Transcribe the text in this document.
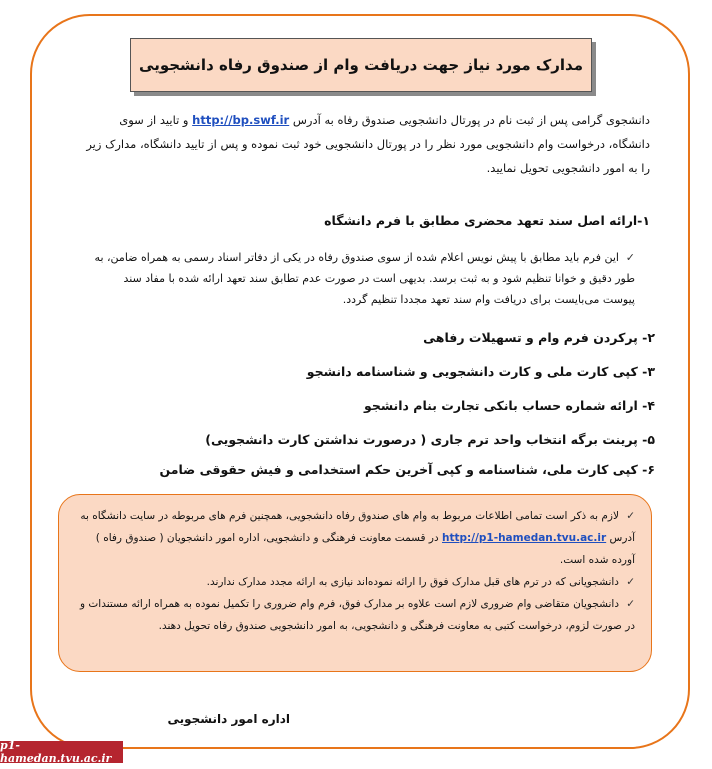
مدارک مورد نیاز جهت دریافت وام از صندوق رفاه دانشجویی
دانشجوی گرامی پس از ثبت نام در پورتال دانشجویی صندوق رفاه به آدرس http://bp.swf.ir و تایید از سوی دانشگاه، درخواست وام دانشجویی مورد نظر را در پورتال دانشجویی خود ثبت نموده و پس از تایید دانشگاه، مدارک زیر را به امور دانشجویی تحویل نمایید.
۱-ارائه اصل سند تعهد محضری مطابق با فرم دانشگاه
✓این فرم باید مطابق با پیش نویس اعلام شده از سوی صندوق رفاه در یکی از دفاتر اسناد رسمی به همراه ضامن، به طور دقیق و خوانا تنظیم شود و به ثبت برسد. بدیهی است در صورت عدم تطابق سند تعهد ارائه شده با مفاد سند پیوست می‌بایست برای دریافت وام سند تعهد مجددا تنظیم گردد.
۲- پرکردن فرم وام و تسهیلات رفاهی
۳- کپی کارت ملی و کارت دانشجویی و شناسنامه دانشجو
۴- ارائه شماره حساب بانکی تجارت بنام دانشجو
۵- پرینت برگه انتخاب واحد ترم جاری ( درصورت نداشتن کارت دانشجویی)
۶- کپی کارت ملی، شناسنامه و کپی آخرین حکم استخدامی و فیش حقوقی ضامن

✓لازم به ذکر است تمامی اطلاعات مربوط به وام های صندوق رفاه دانشجویی، همچنین فرم های مربوطه در سایت دانشگاه به آدرس http://p1-hamedan.tvu.ac.ir در قسمت معاونت فرهنگی و دانشجویی، اداره امور دانشجویان ( صندوق رفاه ) آورده شده است.

✓دانشجویانی که در ترم های قبل مدارک فوق را ارائه نموده‌اند نیازی به ارائه مجدد مدارک ندارند.

✓دانشجویان متقاضی وام ضروری لازم است علاوه بر مدارک فوق، فرم وام ضروری را تکمیل نموده به همراه ارائه مستندات و در صورت لزوم، درخواست کتبی به معاونت فرهنگی و دانشجویی، به امور دانشجویی صندوق رفاه تحویل دهند.

اداره امور دانشجویی
p1-hamedan.tvu.ac.ir
